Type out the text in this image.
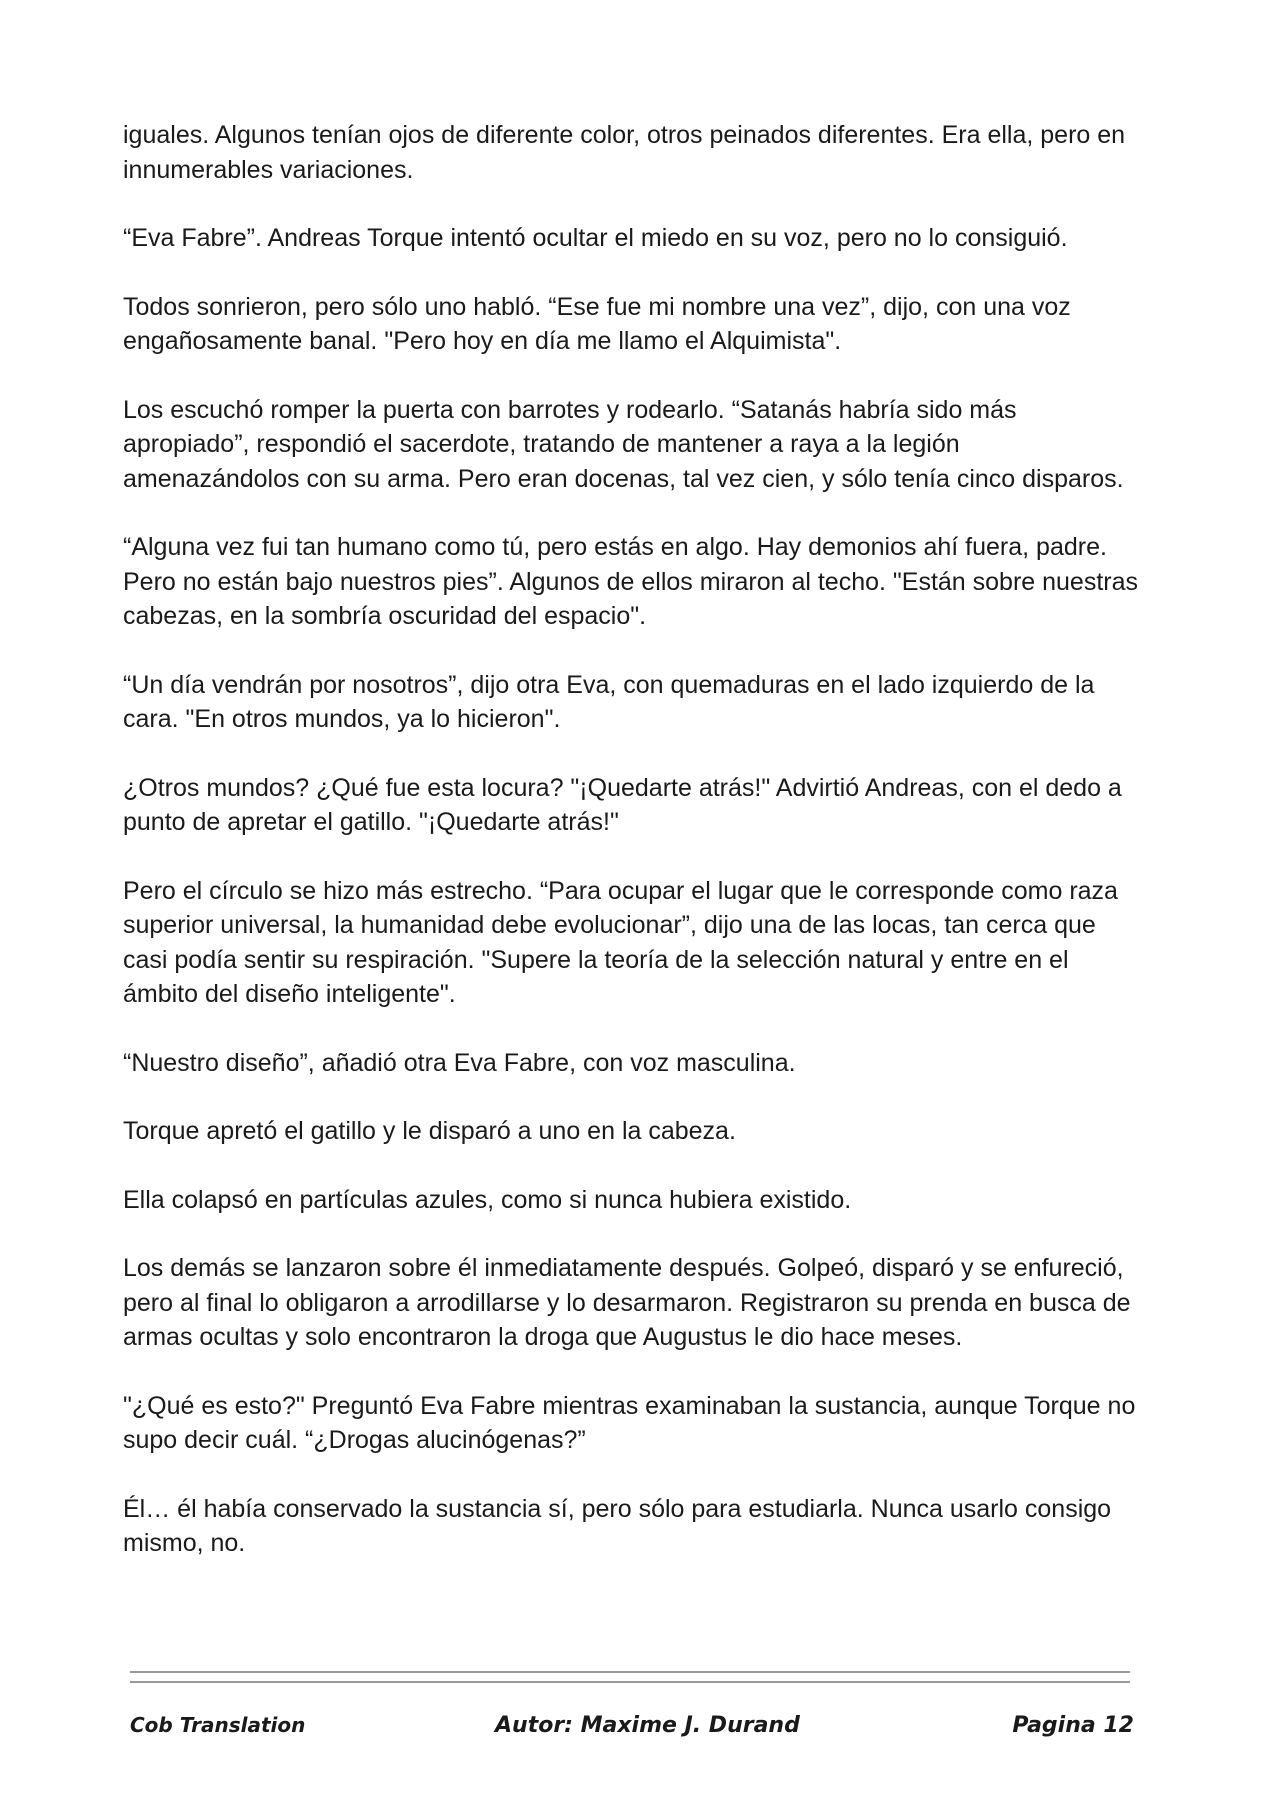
iguales. Algunos tenían ojos de diferente color, otros peinados diferentes. Era ella, pero en innumerables variaciones.

“Eva Fabre”. Andreas Torque intentó ocultar el miedo en su voz, pero no lo consiguió.

Todos sonrieron, pero sólo uno habló. “Ese fue mi nombre una vez”, dijo, con una voz engañosamente banal. "Pero hoy en día me llamo el Alquimista".

Los escuchó romper la puerta con barrotes y rodearlo. “Satanás habría sido más apropiado”, respondió el sacerdote, tratando de mantener a raya a la legión amenazándolos con su arma. Pero eran docenas, tal vez cien, y sólo tenía cinco disparos.

“Alguna vez fui tan humano como tú, pero estás en algo. Hay demonios ahí fuera, padre. Pero no están bajo nuestros pies”. Algunos de ellos miraron al techo. "Están sobre nuestras cabezas, en la sombría oscuridad del espacio".

“Un día vendrán por nosotros”, dijo otra Eva, con quemaduras en el lado izquierdo de la cara. "En otros mundos, ya lo hicieron".

¿Otros mundos? ¿Qué fue esta locura? "¡Quedarte atrás!" Advirtió Andreas, con el dedo a punto de apretar el gatillo. "¡Quedarte atrás!"

Pero el círculo se hizo más estrecho. “Para ocupar el lugar que le corresponde como raza superior universal, la humanidad debe evolucionar”, dijo una de las locas, tan cerca que casi podía sentir su respiración. "Supere la teoría de la selección natural y entre en el ámbito del diseño inteligente".

“Nuestro diseño”, añadió otra Eva Fabre, con voz masculina.

Torque apretó el gatillo y le disparó a uno en la cabeza.

Ella colapsó en partículas azules, como si nunca hubiera existido.

Los demás se lanzaron sobre él inmediatamente después. Golpeó, disparó y se enfureció, pero al final lo obligaron a arrodillarse y lo desarmaron. Registraron su prenda en busca de armas ocultas y solo encontraron la droga que Augustus le dio hace meses.

"¿Qué es esto?" Preguntó Eva Fabre mientras examinaban la sustancia, aunque Torque no supo decir cuál. “¿Drogas alucinógenas?”

Él… él había conservado la sustancia sí, pero sólo para estudiarla. Nunca usarlo consigo mismo, no.

Cob Translation	Autor: Maxime J. Durand	Pagina 12
